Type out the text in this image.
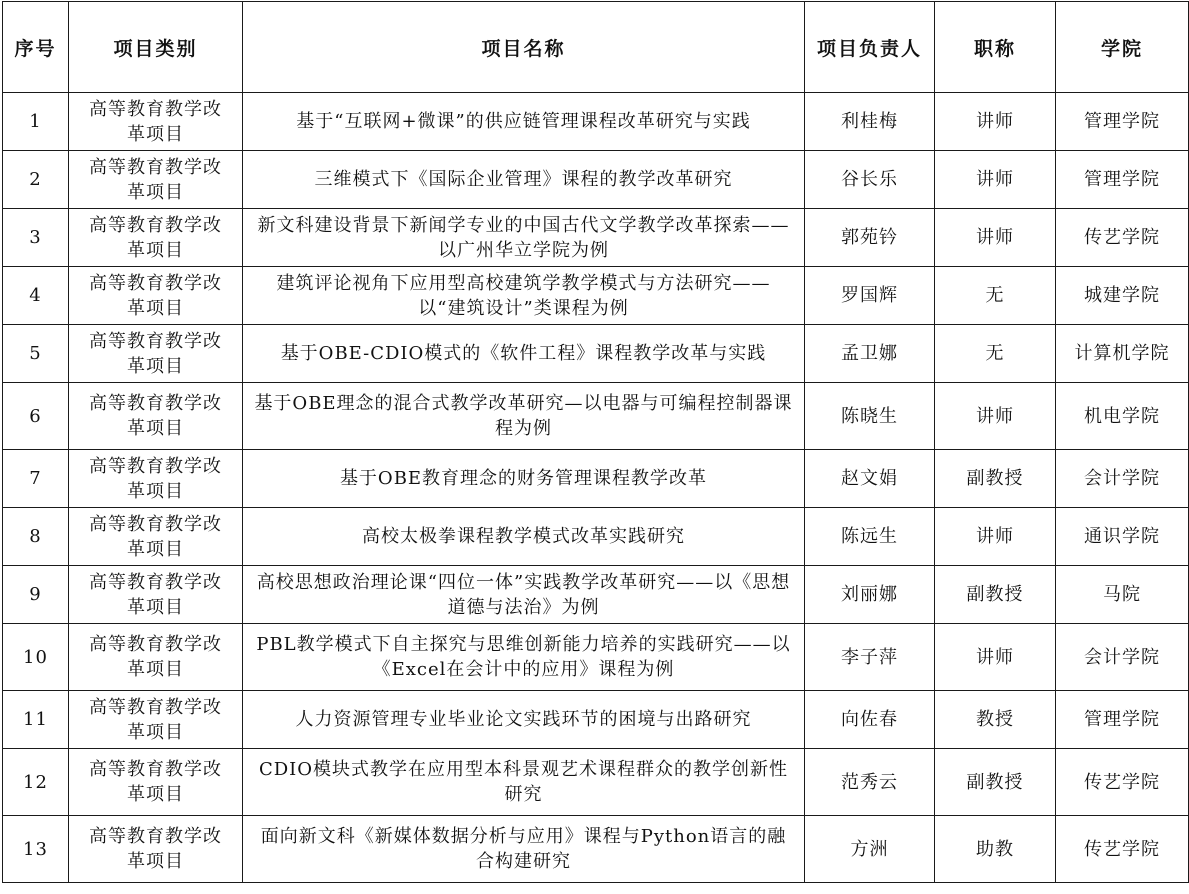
序号	项目类别	项目名称	项目负责人	职称	学院
1	高等教育教学改革项目	基于“互联网+微课”的供应链管理课程改革研究与实践	利桂梅	讲师	管理学院
2	高等教育教学改革项目	三维模式下《国际企业管理》课程的教学改革研究	谷长乐	讲师	管理学院
3	高等教育教学改革项目	新文科建设背景下新闻学专业的中国古代文学教学改革探索——以广州华立学院为例	郭苑钤	讲师	传艺学院
4	高等教育教学改革项目	建筑评论视角下应用型高校建筑学教学模式与方法研究——以“建筑设计”类课程为例	罗国辉	无	城建学院
5	高等教育教学改革项目	基于OBE-CDIO模式的《软件工程》课程教学改革与实践	孟卫娜	无	计算机学院
6	高等教育教学改革项目	基于OBE理念的混合式教学改革研究—以电器与可编程控制器课程为例	陈晓生	讲师	机电学院
7	高等教育教学改革项目	基于OBE教育理念的财务管理课程教学改革	赵文娟	副教授	会计学院
8	高等教育教学改革项目	高校太极拳课程教学模式改革实践研究	陈远生	讲师	通识学院
9	高等教育教学改革项目	高校思想政治理论课“四位一体”实践教学改革研究——以《思想道德与法治》为例	刘丽娜	副教授	马院
10	高等教育教学改革项目	PBL教学模式下自主探究与思维创新能力培养的实践研究——以《Excel在会计中的应用》课程为例	李子萍	讲师	会计学院
11	高等教育教学改革项目	人力资源管理专业毕业论文实践环节的困境与出路研究	向佐春	教授	管理学院
12	高等教育教学改革项目	CDIO模块式教学在应用型本科景观艺术课程群众的教学创新性研究	范秀云	副教授	传艺学院
13	高等教育教学改革项目	面向新文科《新媒体数据分析与应用》课程与Python语言的融合构建研究	方洲	助教	传艺学院
